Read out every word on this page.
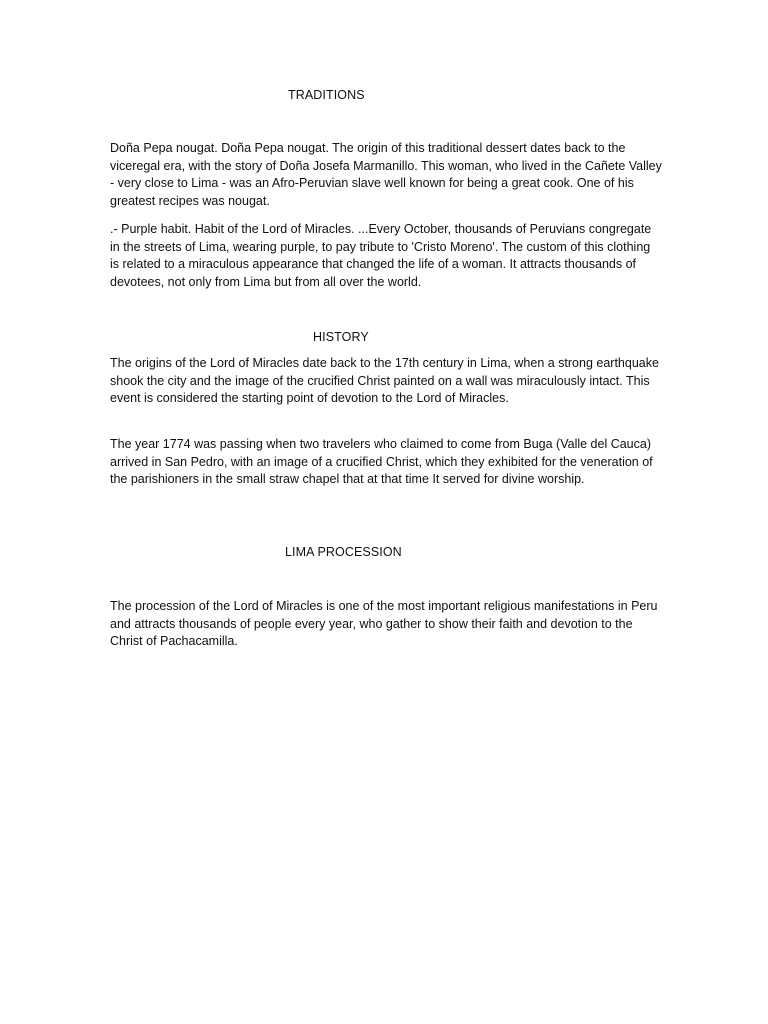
TRADITIONS

Doña Pepa nougat. Doña Pepa nougat. The origin of this traditional dessert dates back to the viceregal era, with the story of Doña Josefa Marmanillo. This woman, who lived in the Cañete Valley - very close to Lima - was an Afro-Peruvian slave well known for being a great cook. One of his greatest recipes was nougat.

.- Purple habit. Habit of the Lord of Miracles. ...Every October, thousands of Peruvians congregate in the streets of Lima, wearing purple, to pay tribute to 'Cristo Moreno'. The custom of this clothing is related to a miraculous appearance that changed the life of a woman. It attracts thousands of devotees, not only from Lima but from all over the world.

HISTORY

The origins of the Lord of Miracles date back to the 17th century in Lima, when a strong earthquake shook the city and the image of the crucified Christ painted on a wall was miraculously intact. This event is considered the starting point of devotion to the Lord of Miracles.

The year 1774 was passing when two travelers who claimed to come from Buga (Valle del Cauca) arrived in San Pedro, with an image of a crucified Christ, which they exhibited for the veneration of the parishioners in the small straw chapel that at that time It served for divine worship.

LIMA PROCESSION

The procession of the Lord of Miracles is one of the most important religious manifestations in Peru and attracts thousands of people every year, who gather to show their faith and devotion to the Christ of Pachacamilla.
